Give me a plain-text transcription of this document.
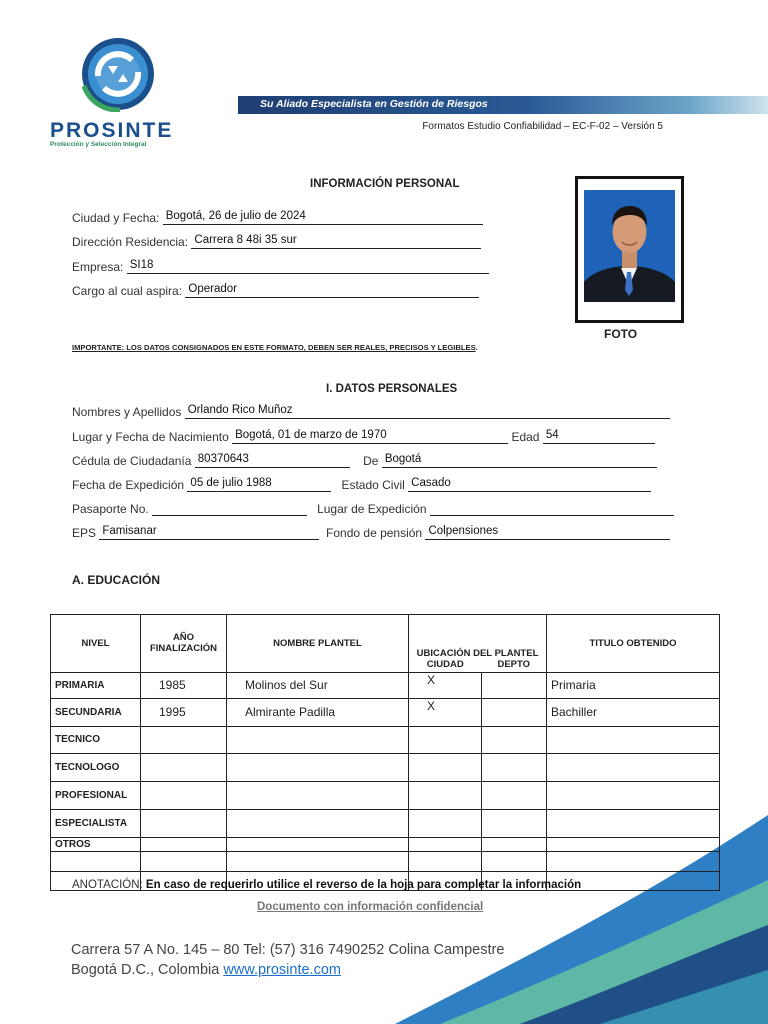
PROSINTE
Protección y Selección Integral
Su Aliado Especialista en Gestión de Riesgos
Formatos Estudio Confiabilidad – EC-F-02 – Versión 5
INFORMACIÓN PERSONAL
Ciudad y Fecha: Bogotá, 26 de julio de 2024
Dirección Residencia: Carrera 8 48i 35 sur
Empresa: SI18
Cargo al cual aspira: Operador
FOTO
IMPORTANTE: LOS DATOS CONSIGNADOS EN ESTE FORMATO, DEBEN SER REALES, PRECISOS Y LEGIBLES.
I. DATOS PERSONALES
Nombres y Apellidos Orlando Rico Muñoz
Lugar y Fecha de Nacimiento Bogotá, 01 de marzo de 1970	Edad 54
Cédula de Ciudadanía 80370643	De Bogotá
Fecha de Expedición 05 de julio 1988	Estado Civil Casado
Pasaporte No.	Lugar de Expedición
EPS Famisanar	Fondo de pensión Colpensiones
A. EDUCACIÓN
NIVEL	AÑO FINALIZACIÓN	NOMBRE PLANTEL	UBICACIÓN DEL PLANTEL		TITULO OBTENIDO
			CIUDAD	DEPTO	
PRIMARIA	1985	Molinos del Sur	X		Primaria
SECUNDARIA	1995	Almirante Padilla	X		Bachiller
TECNICO					
TECNOLOGO					
PROFESIONAL					
ESPECIALISTA					
OTROS					

ANOTACIÓN: En caso de requerirlo utilice el reverso de la hoja para completar la información
Documento con información confidencial
Carrera 57 A No. 145 – 80 Tel: (57) 316 7490252 Colina Campestre
Bogotá D.C., Colombia www.prosinte.com
